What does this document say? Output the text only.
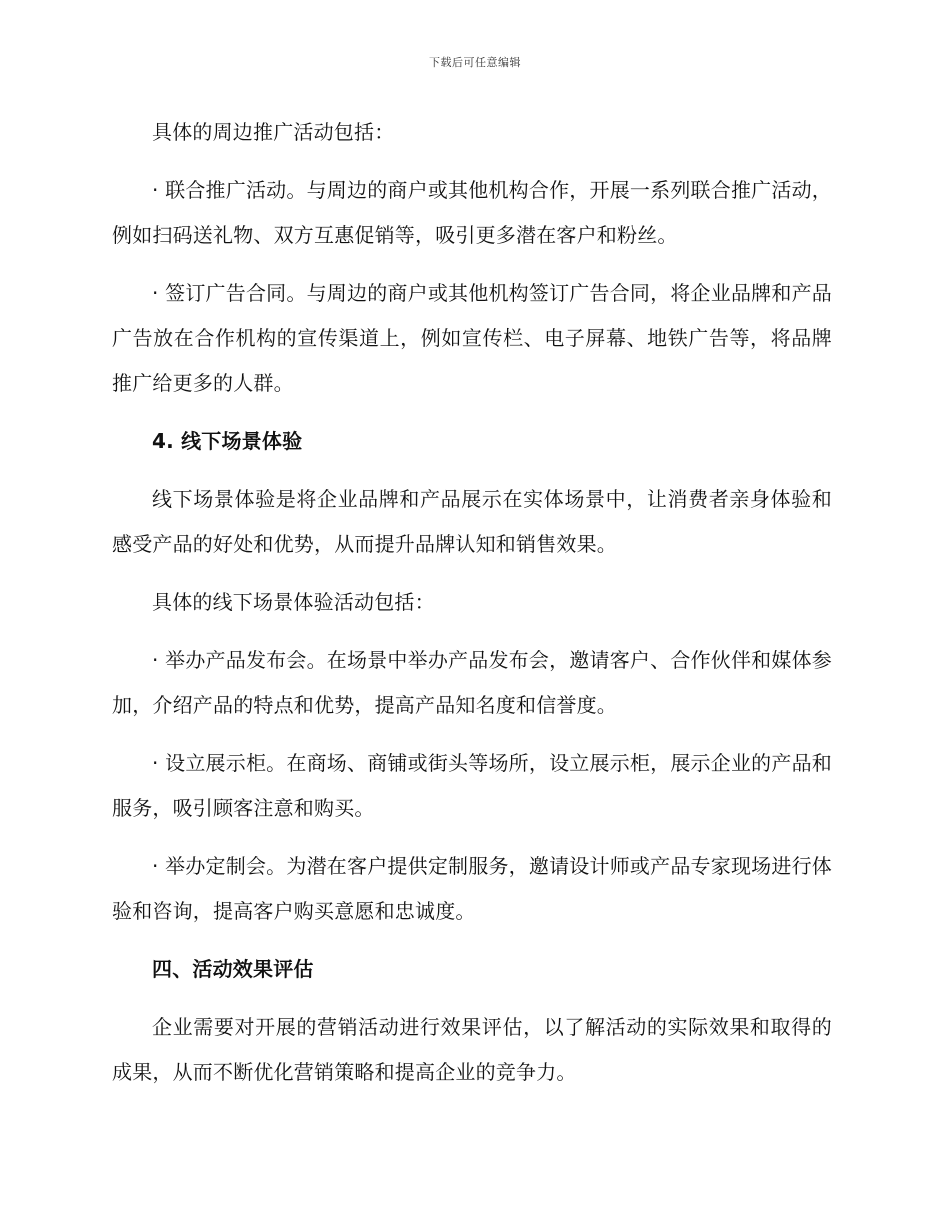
下载后可任意编辑

具体的周边推广活动包括：

· 联合推广活动。与周边的商户或其他机构合作，开展一系列联合推广活动，例如扫码送礼物、双方互惠促销等，吸引更多潜在客户和粉丝。

· 签订广告合同。与周边的商户或其他机构签订广告合同，将企业品牌和产品广告放在合作机构的宣传渠道上，例如宣传栏、电子屏幕、地铁广告等，将品牌推广给更多的人群。

4. 线下场景体验

线下场景体验是将企业品牌和产品展示在实体场景中，让消费者亲身体验和感受产品的好处和优势，从而提升品牌认知和销售效果。

具体的线下场景体验活动包括：

· 举办产品发布会。在场景中举办产品发布会，邀请客户、合作伙伴和媒体参加，介绍产品的特点和优势，提高产品知名度和信誉度。

· 设立展示柜。在商场、商铺或街头等场所，设立展示柜，展示企业的产品和服务，吸引顾客注意和购买。

· 举办定制会。为潜在客户提供定制服务，邀请设计师或产品专家现场进行体验和咨询，提高客户购买意愿和忠诚度。

四、活动效果评估

企业需要对开展的营销活动进行效果评估，以了解活动的实际效果和取得的成果，从而不断优化营销策略和提高企业的竞争力。
